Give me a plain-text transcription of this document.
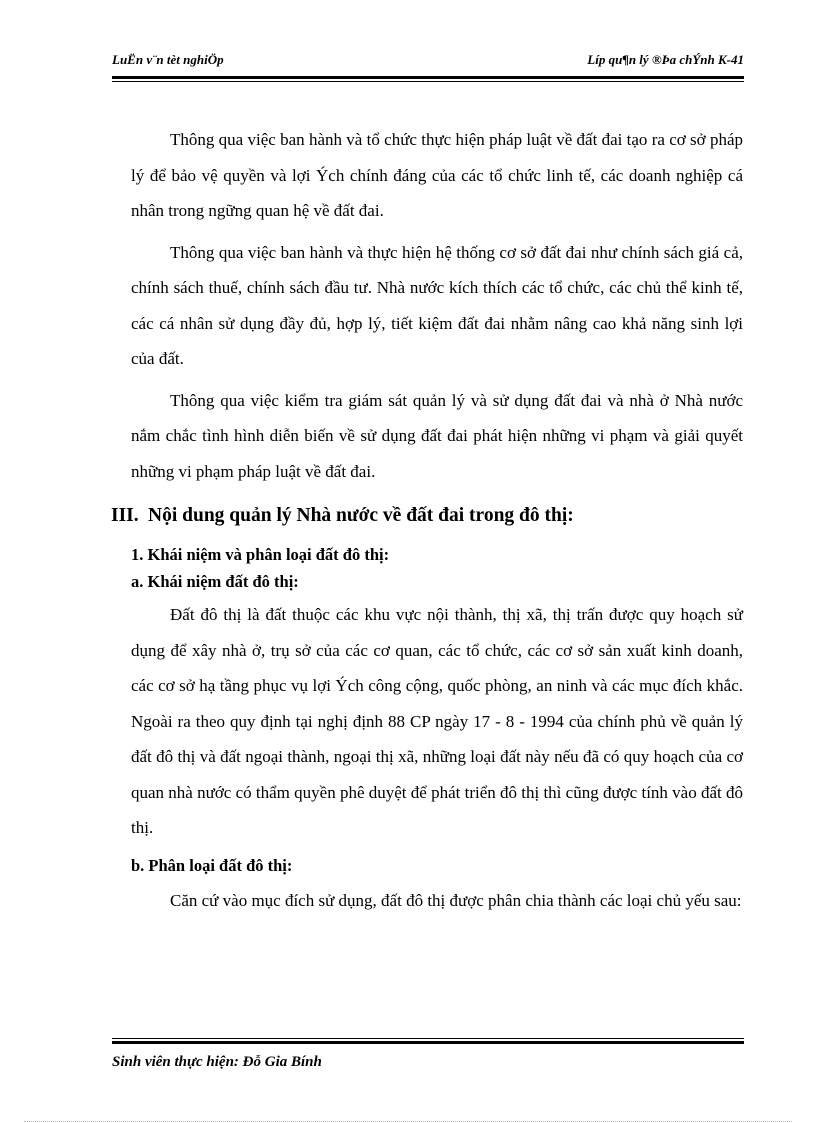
LuËn v¨n tèt nghiÖp	Líp qu¶n lý ®Þa chÝnh K-41

Thông qua việc ban hành và tổ chức thực hiện pháp luật về đất đai tạo ra cơ sở pháp lý để bảo vệ quyền và lợi Ých chính đáng của các tổ chức linh tế, các doanh nghiệp cá nhân trong ngững quan hệ về đất đai.

Thông qua việc ban hành và thực hiện hệ thống cơ sở đất đai như chính sách giá cả, chính sách thuế, chính sách đầu tư. Nhà nước kích thích các tổ chức, các chủ thể kinh tế, các cá nhân sử dụng đầy đủ, hợp lý, tiết kiệm đất đai nhằm nâng cao khả năng sinh lợi của đất.

Thông qua việc kiểm tra giám sát quản lý và sử dụng đất đai và nhà ở Nhà nước nắm chắc tình hình diễn biến về sử dụng đất đai phát hiện những vi phạm và giải quyết những vi phạm pháp luật về đất đai.

III. Nội dung quản lý Nhà nước về đất đai trong đô thị:

1. Khái niệm và phân loại đất đô thị:

a. Khái niệm đất đô thị:

Đất đô thị là đất thuộc các khu vực nội thành, thị xã, thị trấn được quy hoạch sử dụng để xây nhà ở, trụ sở của các cơ quan, các tổ chức, các cơ sở sản xuất kinh doanh, các cơ sở hạ tầng phục vụ lợi Ých công cộng, quốc phòng, an ninh và các mục đích khắc. Ngoài ra theo quy định tại nghị định 88 CP ngày 17 - 8 - 1994 của chính phủ về quản lý đất đô thị và đất ngoại thành, ngoại thị xã, những loại đất này nếu đã có quy hoạch của cơ quan nhà nước có thẩm quyền phê duyệt để phát triển đô thị thì cũng được tính vào đất đô thị.

b. Phân loại đất đô thị:

Căn cứ vào mục đích sử dụng, đất đô thị được phân chia thành các loại chủ yếu sau:

Sinh viên thực hiện: Đỗ Gia Bính
